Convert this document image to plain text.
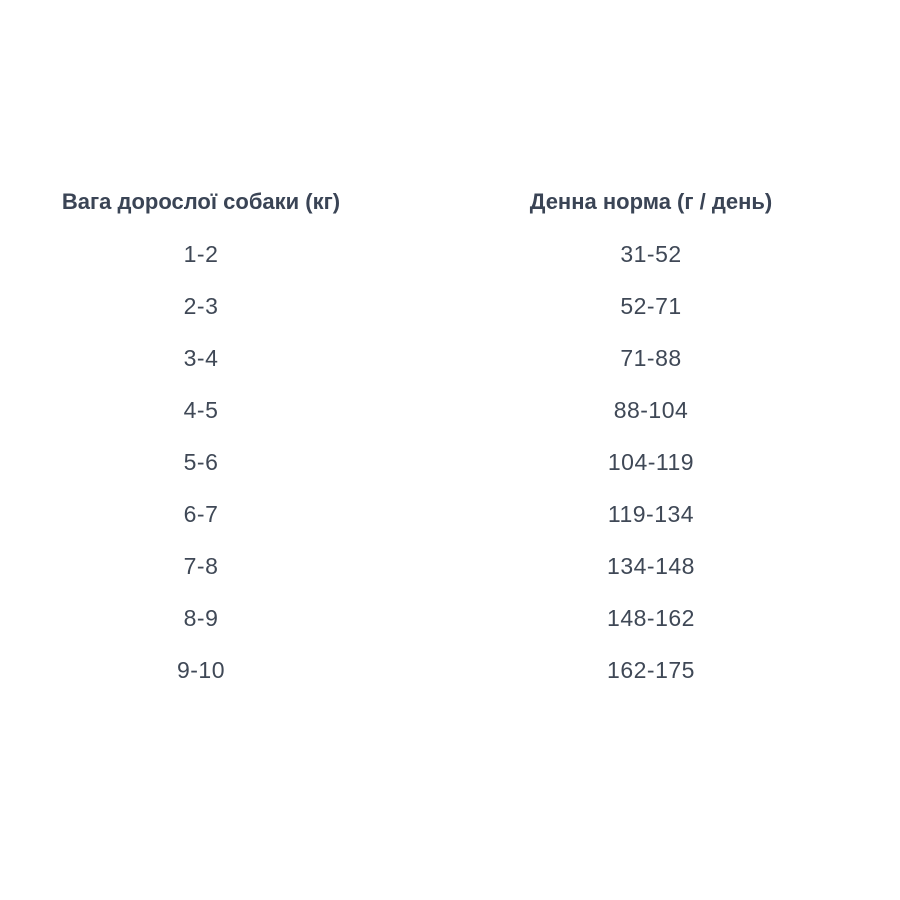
Вага дорослої собаки (кг)	Денна норма (г / день)
1-2	31-52
2-3	52-71
3-4	71-88
4-5	88-104
5-6	104-119
6-7	119-134
7-8	134-148
8-9	148-162
9-10	162-175
